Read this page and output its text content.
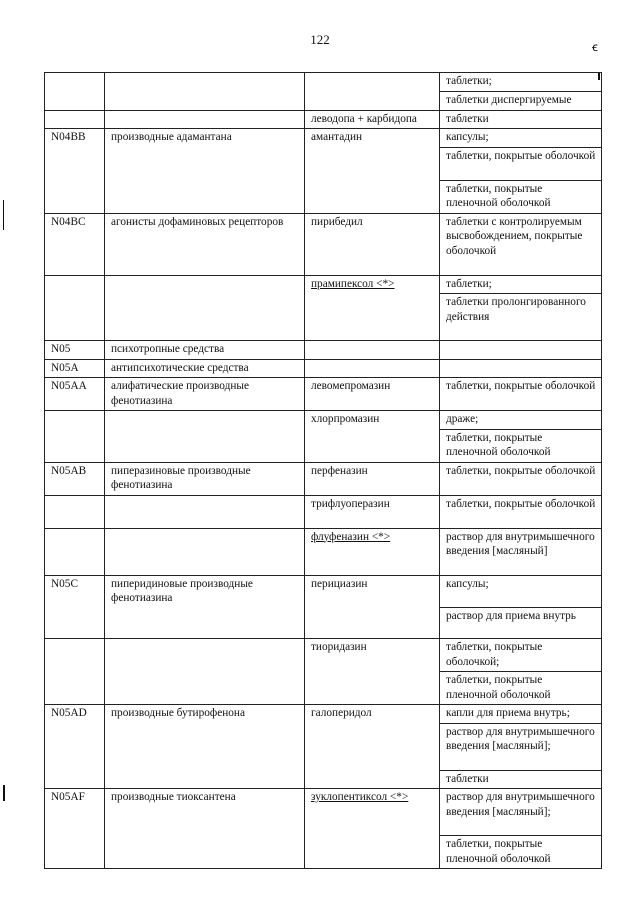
122	ꞓ
			таблетки;
			таблетки диспергируемые
		леводопа + карбидопа	таблетки
N04BB	производные адамантана	амантадин	капсулы;
			таблетки, покрытые оболочкой
			таблетки, покрытые пленочной оболочкой
N04BC	агонисты дофаминовых рецепторов	пирибедил	таблетки с контролируемым высвобождением, покрытые оболочкой
		прамипексол <*>	таблетки;
			таблетки пролонгированного действия
N05	психотропные средства		
N05A	антипсихотические средства		
N05AA	алифатические производные фенотиазина	левомепромазин	таблетки, покрытые оболочкой
		хлорпромазин	драже;
			таблетки, покрытые пленочной оболочкой
N05AB	пиперазиновые производные фенотиазина	перфеназин	таблетки, покрытые оболочкой
		трифлуоперазин	таблетки, покрытые оболочкой
		флуфеназин <*>	раствор для внутримышечного введения [масляный]
N05C	пиперидиновые производные фенотиазина	перициазин	капсулы;
			раствор для приема внутрь
		тиоридазин	таблетки, покрытые оболочкой;
			таблетки, покрытые пленочной оболочкой
N05AD	производные бутирофенона	галоперидол	капли для приема внутрь;
			раствор для внутримышечного введения [масляный];
			таблетки
N05AF	производные тиоксантена	зуклопентиксол <*>	раствор для внутримышечного введения [масляный];
			таблетки, покрытые пленочной оболочкой
